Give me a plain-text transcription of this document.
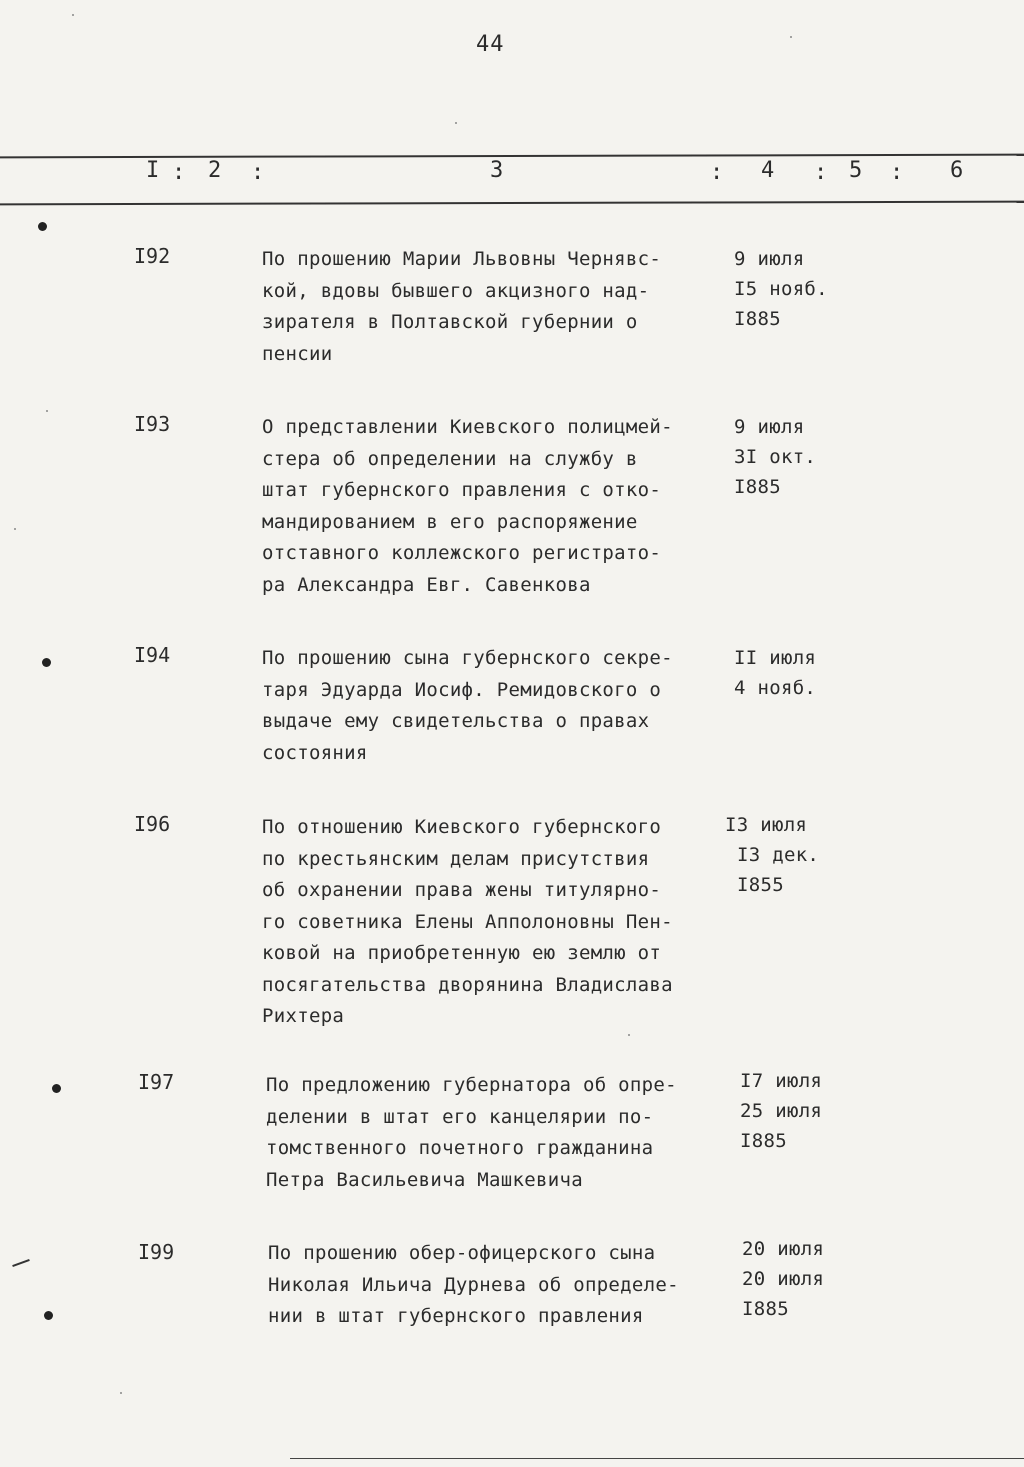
44
I : 2 :	3	: 4 : 5 : 6
I92	По прошению Марии Львовны Чернявс-
кой, вдовы бывшего акцизного над-
зирателя в Полтавской губернии о
пенсии
9 июля
I5 нояб.
I885
I93	О представлении Киевского полицмей-
стера об определении на службу в
штат губернского правления с отко-
мандированием в его распоряжение
отставного коллежского регистрато-
ра Александра Евг. Савенкова
9 июля
3I окт.
I885
I94	По прошению сына губернского секре-
таря Эдуарда Иосиф. Ремидовского о
выдаче ему свидетельства о правах
состояния
II июля
4 нояб.
I96	По отношению Киевского губернского
по крестьянским делам присутствия
об охранении права жены титулярно-
го советника Елены Апполоновны Пен-
ковой на приобретенную ею землю от
посягательства дворянина Владислава
Рихтера
I3 июля
I3 дек.
I855
I97	По предложению губернатора об опре-
делении в штат его канцелярии по-
томственного почетного гражданина
Петра Васильевича Машкевича
I7 июля
25 июля
I885
I99	По прошению обер-офицерского сына
Николая Ильича Дурнева об определе-
нии в штат губернского правления
20 июля
20 июля
I885
